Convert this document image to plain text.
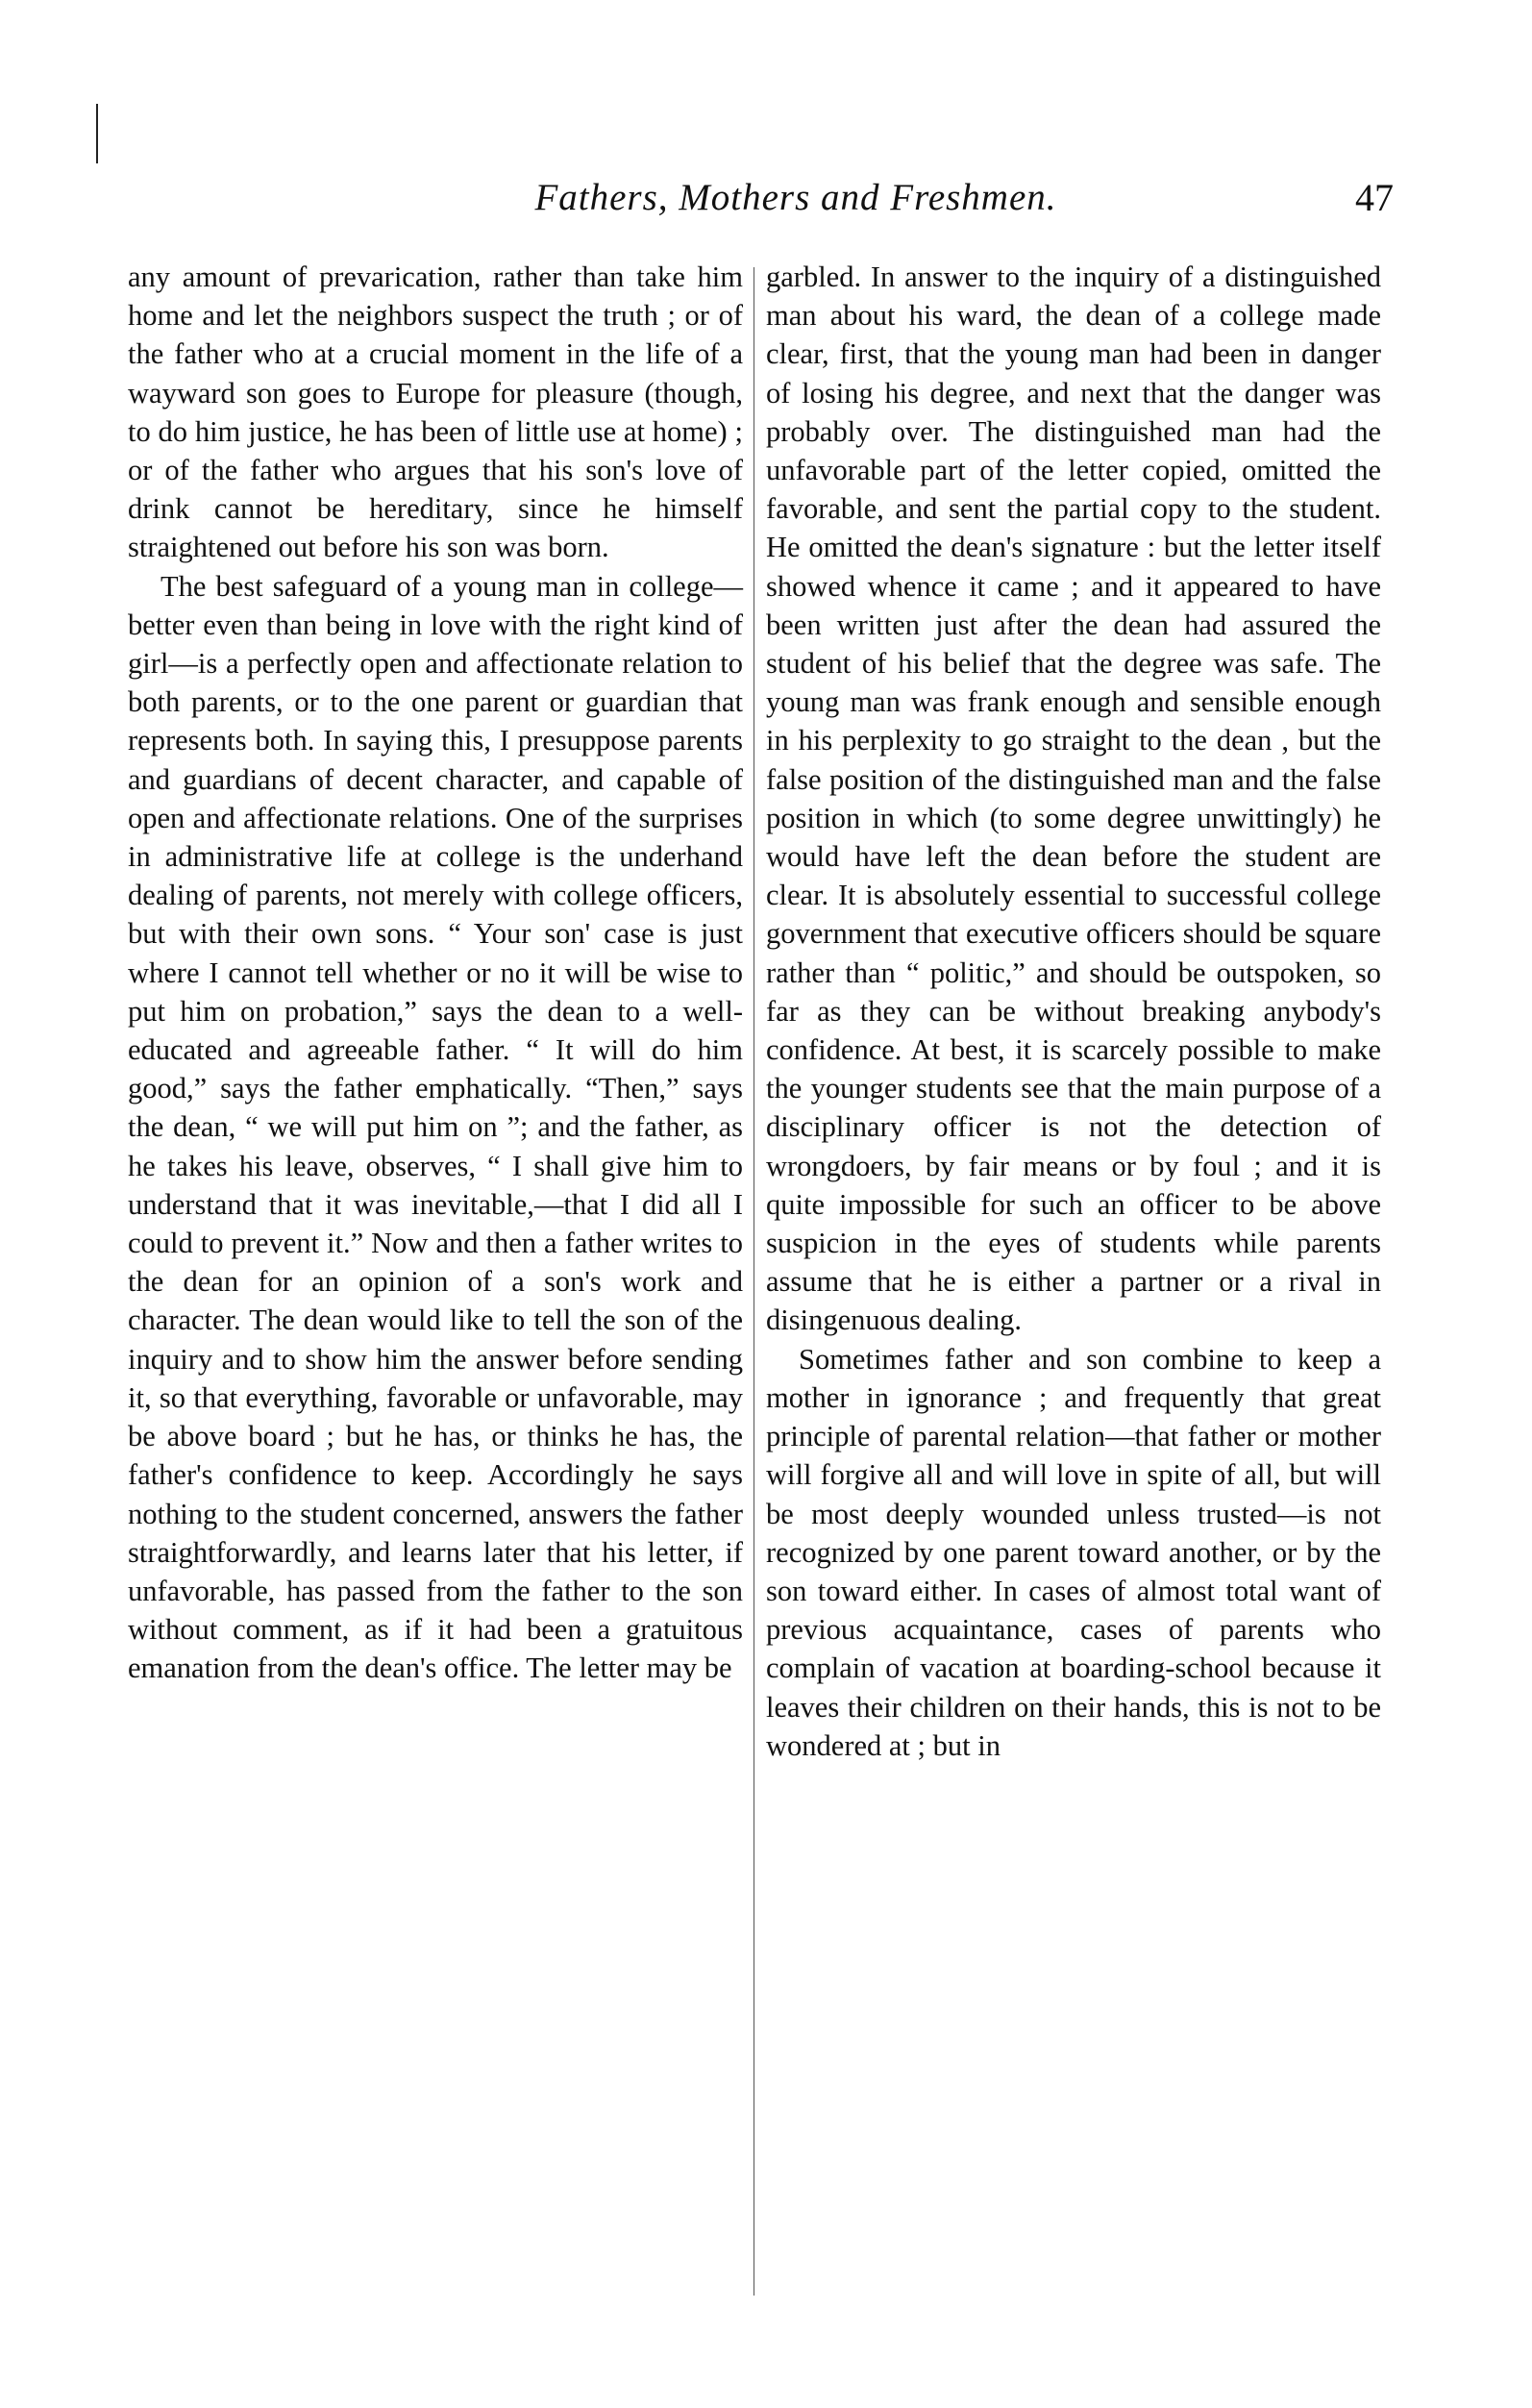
Fathers, Mothers and Freshmen.	47

any amount of prevarication, rather than take him home and let the neighbors suspect the truth ; or of the father who at a crucial moment in the life of a wayward son goes to Europe for pleasure (though, to do him justice, he has been of little use at home) ; or of the father who argues that his son's love of drink cannot be hereditary, since he himself straightened out before his son was born.

The best safeguard of a young man in college—better even than being in love with the right kind of girl—is a perfectly open and affectionate relation to both parents, or to the one parent or guardian that represents both. In saying this, I presuppose parents and guardians of decent character, and capable of open and affectionate relations. One of the surprises in administrative life at college is the underhand dealing of parents, not merely with college officers, but with their own sons. “ Your son' case is just where I cannot tell whether or no it will be wise to put him on probation,” says the dean to a well-educated and agreeable father. “ It will do him good,” says the father emphatically. “Then,” says the dean, “ we will put him on ”; and the father, as he takes his leave, observes, “ I shall give him to understand that it was inevitable,—that I did all I could to prevent it.” Now and then a father writes to the dean for an opinion of a son's work and character. The dean would like to tell the son of the inquiry and to show him the answer before sending it, so that everything, favorable or unfavorable, may be above board ; but he has, or thinks he has, the father's confidence to keep. Accordingly he says nothing to the student concerned, answers the father straightforwardly, and learns later that his letter, if unfavorable, has passed from the father to the son without comment, as if it had been a gratuitous emanation from the dean's office. The letter may be

garbled. In answer to the inquiry of a distinguished man about his ward, the dean of a college made clear, first, that the young man had been in danger of losing his degree, and next that the danger was probably over. The distinguished man had the unfavorable part of the letter copied, omitted the favorable, and sent the partial copy to the student. He omitted the dean's signature : but the letter itself showed whence it came ; and it appeared to have been written just after the dean had assured the student of his belief that the degree was safe. The young man was frank enough and sensible enough in his perplexity to go straight to the dean , but the false position of the distinguished man and the false position in which (to some degree unwittingly) he would have left the dean before the student are clear. It is absolutely essential to successful college government that executive officers should be square rather than “ politic,” and should be outspoken, so far as they can be without breaking anybody's confidence. At best, it is scarcely possible to make the younger students see that the main purpose of a disciplinary officer is not the detection of wrongdoers, by fair means or by foul ; and it is quite impossible for such an officer to be above suspicion in the eyes of students while parents assume that he is either a partner or a rival in disingenuous dealing.

Sometimes father and son combine to keep a mother in ignorance ; and frequently that great principle of parental relation—that father or mother will forgive all and will love in spite of all, but will be most deeply wounded unless trusted—is not recognized by one parent toward another, or by the son toward either. In cases of almost total want of previous acquaintance, cases of parents who complain of vacation at boarding-school because it leaves their children on their hands, this is not to be wondered at ; but in
